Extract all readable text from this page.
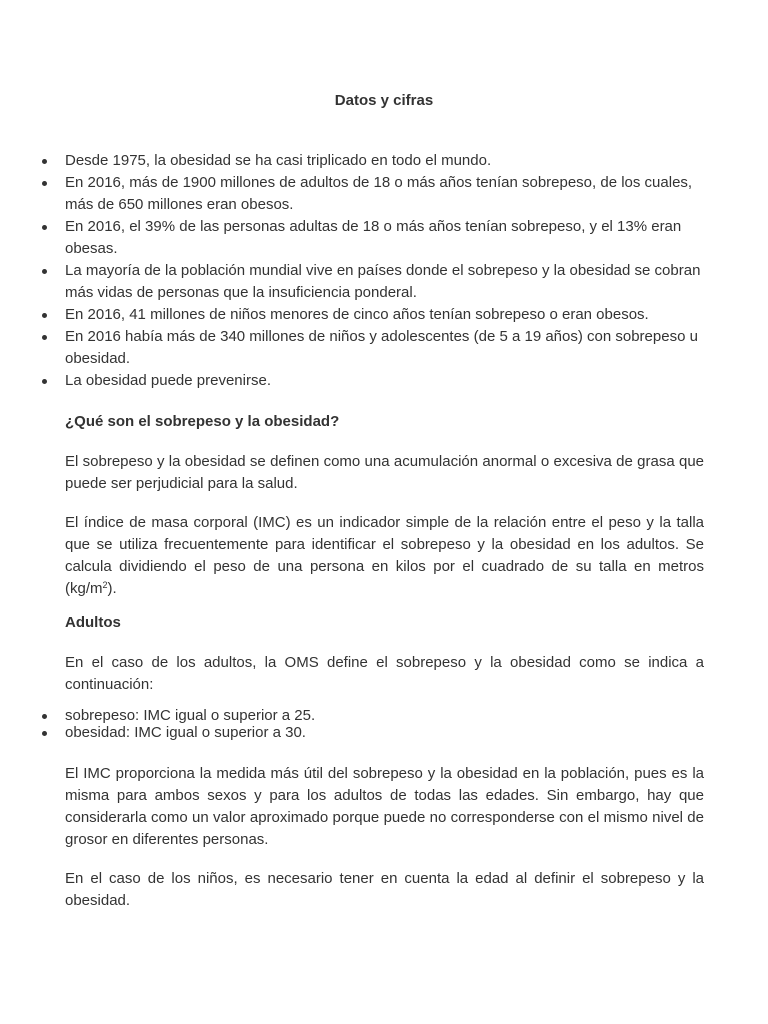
Datos y cifras
Desde 1975, la obesidad se ha casi triplicado en todo el mundo.
En 2016, más de 1900 millones de adultos de 18 o más años tenían sobrepeso, de los cuales, más de 650 millones eran obesos.
En 2016, el 39% de las personas adultas de 18 o más años tenían sobrepeso, y el 13% eran obesas.
La mayoría de la población mundial vive en países donde el sobrepeso y la obesidad se cobran más vidas de personas que la insuficiencia ponderal.
En 2016, 41 millones de niños menores de cinco años tenían sobrepeso o eran obesos.
En 2016 había más de 340 millones de niños y adolescentes (de 5 a 19 años) con sobrepeso u obesidad.
La obesidad puede prevenirse.
¿Qué son el sobrepeso y la obesidad?

El sobrepeso y la obesidad se definen como una acumulación anormal o excesiva de grasa que puede ser perjudicial para la salud.

El índice de masa corporal (IMC) es un indicador simple de la relación entre el peso y la talla que se utiliza frecuentemente para identificar el sobrepeso y la obesidad en los adultos. Se calcula dividiendo el peso de una persona en kilos por el cuadrado de su talla en metros $(kg/m^2)$.

Adultos

En el caso de los adultos, la OMS define el sobrepeso y la obesidad como se indica a continuación:

sobrepeso: IMC igual o superior a 25.
obesidad: IMC igual o superior a 30.

El IMC proporciona la medida más útil del sobrepeso y la obesidad en la población, pues es la misma para ambos sexos y para los adultos de todas las edades. Sin embargo, hay que considerarla como un valor aproximado porque puede no corresponderse con el mismo nivel de grosor en diferentes personas.

En el caso de los niños, es necesario tener en cuenta la edad al definir el sobrepeso y la obesidad.
